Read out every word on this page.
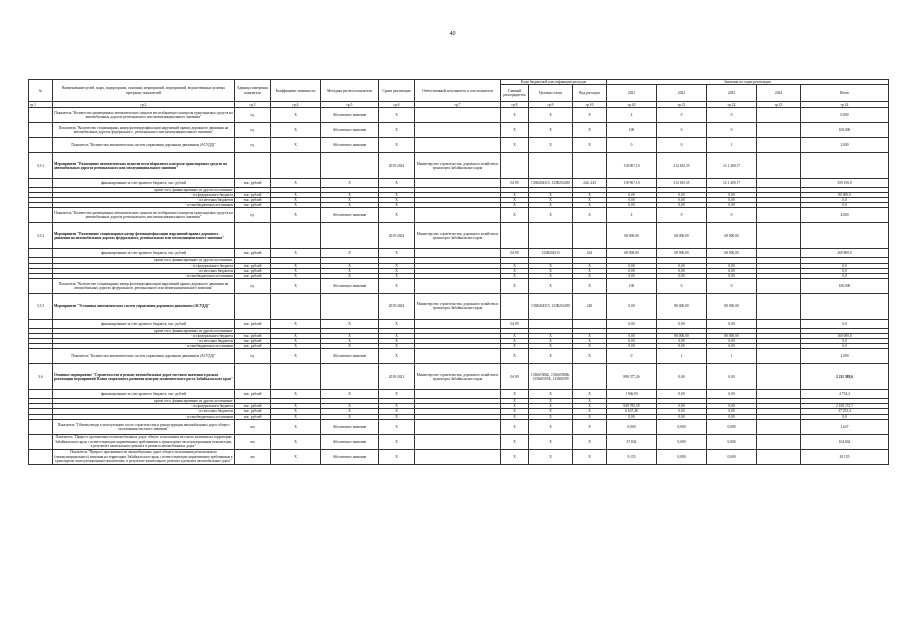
40
№	Наименование целей, задач, подпрограмм, основных мероприятий, мероприятий, ведомственных целевых программ, показателей	Единица измерения показателя	Коэффициент значимости	Методика расчета показателя	Сроки реализации	Ответственный исполнитель и соисполнители	Коды бюджетной классификации расходов			Значения по годам реализации				
							Главный распорядитель	Целевая статья	Вид расходов	2021	2022	2023	2024	Итого
гр.1	гр.2	гр.3	гр.4	гр.5	гр.6	гр.7	гр.8	гр.9	гр.10	гр.20	гр.21	гр.22	гр.23	гр.24
	Показатель "Количество размещенных автоматических пунктов весогабаритного контроля транспортных средств на автомобильных дорогах регионального или межмуниципального значения"	ед.	Х	Абсолютное значение	Х		Х	Х	Х	4	0	0		0,000
	Показатель "Количество стационарных камер фотовидеофиксации нарушений правил дорожного движения на автомобильных дорогах федерального , регионального или межмуниципального значения"	ед.	Х	Абсолютное значение	Х		Х	Х	Х	100	0	0		100,000
	Показатель "Количество автоматических систем управления дорожным движением (АСУДД)"	ед.	Х	Абсолютное значение	Х		Х	Х	Х	0	0	1		2,000
3.5.1	Мероприятие "Размещение автоматических пунктов весогабаритного контроля транспортных средств на автомобильных дорогах регионального или межмуниципального значения"				2019-2024	Министерство строительства, дорожного хозяйства и транспорта Забайкальского края				118 967,10	212 635,35	14 1 409,17		
	финансирование за счет краевого бюджета, тыс. рублей	тыс. рублей	Х	Х	Х		04 09	133R204315, 133R254180	244, 243	118 967,10	212 635,35	14 1 409,17		359 156,0
	кроме того, финансирование из других источников:													
	- из федерального бюджета	тыс. рублей	Х	Х	Х		Х	Х	Х	0,00	0,00	0,00		80 000,0
	- из местных бюджетов	тыс. рублей	Х	Х	Х		Х	Х	Х	0,00	0,00	0,00		0,0
	- из внебюджетных источников	тыс. рублей	Х	Х	Х		Х	Х	Х	0,00	0,00	0,00		0,0
	Показатель "Количество размещенных автоматических пунктов весогабаритного контроля транспортных средств на автомобильных дорогах регионального или межмуниципального значения"	ед.	Х	Абсолютное значение	Х		Х	Х	Х	4	0	0		4,000
3.5.2	Мероприятие "Размещение стационарных камер фотовидеофиксации нарушений правил дорожного движения на автомобильных дорогах федерального, регионального или межмуниципального значения"				2019-2024	Министерство строительства, дорожного хозяйства и транспорта Забайкальского края				68 000,00	68 000,00	68 000,00		
	финансирование за счет краевого бюджета, тыс. рублей	тыс. рублей	Х	Х	Х		04 09	133R204315	244	68 000,00	68 000,00	68 000,00		269 800,0
	кроме того, финансирование из других источников:													
	- из федерального бюджета	тыс. рублей	Х	Х	Х		Х	Х	Х	0,00	0,00	0,00		0,0
	- из местных бюджетов	тыс. рублей	Х	Х	Х		Х	Х	Х	0,00	0,00	0,00		0,0
	- из внебюджетных источников	тыс. рублей	Х	Х	Х		Х	Х	Х	0,00	0,00	0,00		0,0
	Показатель "Количество стационарных камер фотовидеофиксации нарушений правил дорожного движения на автомобильных дорогах федерального, регионального или межмуниципального значения"	ед.	Х	Абсолютное значение	Х		Х	Х	Х	100	0	0		100,000
3.5.3	Мероприятие "Установка автоматических систем управления дорожным движением (АСУДД)"				2019-2024	Министерство строительства, дорожного хозяйства и транспорта Забайкальского края		133R204315, 133R254180	240	0,00	80 000,00	80 000,00		
	финансирование за счет краевого бюджета, тыс. рублей	тыс. рублей	Х	Х	Х		04 09			0,00	0,00	0,00		0,0
	кроме того, финансирование из других источников:													
	- из федерального бюджета	тыс. рублей	Х	Х	Х		Х	Х	Х	0,00	80 000,00	80 000,00		160 000,0
	- из местных бюджетов	тыс. рублей	Х	Х	Х		Х	Х	Х	0,00	0,00	0,00		0,0
	- из внебюджетных источников	тыс. рублей	Х	Х	Х		Х	Х	Х	0,00	0,00	0,00		0,0
	Показатель "Количество автоматических систем управления дорожным движением (АСУДД)"	ед.	Х	Абсолютное значение	Х		Х	Х	Х	0	1	1		2,000
3.6	Основное мероприятие "Строительство и ремонт автомобильных дорог местного значения в рамках реализации мероприятий Плана социального развития центров экономического роста Забайкальского края"				2019-2021	Министерство строительства, дорожного хозяйства и транспорта Забайкальского края	04 09	133665506Б, 133665508Б, 133665505Б, 133663509		898 377,26	0,00	0,00		2 211 389,6
	финансирование за счет краевого бюджета, тыс. рублей	тыс. рублей	Х	Х	Х		Х	Х	Х	1 946,93	0,00	0,00		4 754,2
	кроме того, финансирование из других источников:						Х	Х	Х					
	- из федерального бюджета	тыс. рублей	Х	Х	Х		Х	Х	Х	849 785,58	0,00	0,00		2 169 372,7
	- из местных бюджетов	тыс. рублей	Х	Х	Х		Х	Х	Х	6 637,46	0,00	0,00		37 253,4
	- из внебюджетных источников	тыс. рублей	Х	Х	Х		Х	Х	Х	0,00	0,00	0,00		0,0
	Показатель "Объемы ввода в эксплуатацию после строительства и реконструкции автомобильных дорог общего пользования местного значения"	км	Х	Абсолютное значение	Х		Х	Х	Х	0,000	0,000	0,000		1,627
	Показатель "Прирост протяженности автомобильных дорог общего пользования местного значения на территории Забайкальского края, соответствующих нормативным требованиям к транспортно-эксплуатационным показателям, в результате капитального ремонта и ремонта автомобильных дорог"	км	Х	Абсолютное значение	Х		Х	Х	Х	37,842	0,000	0,000		104,842
	Показатель "Прирост протяженности автомобильных дорог общего пользования регионального (межмуниципального) значения на территории Забайкальского края, соответствующих нормативным требованиям к транспортно-эксплуатационным показателям, в результате капитального ремонта и ремонта автомобильных дорог"	км	Х	Абсолютное значение	Х		Х	Х	Х	9,155	0,000	0,000		29,155
